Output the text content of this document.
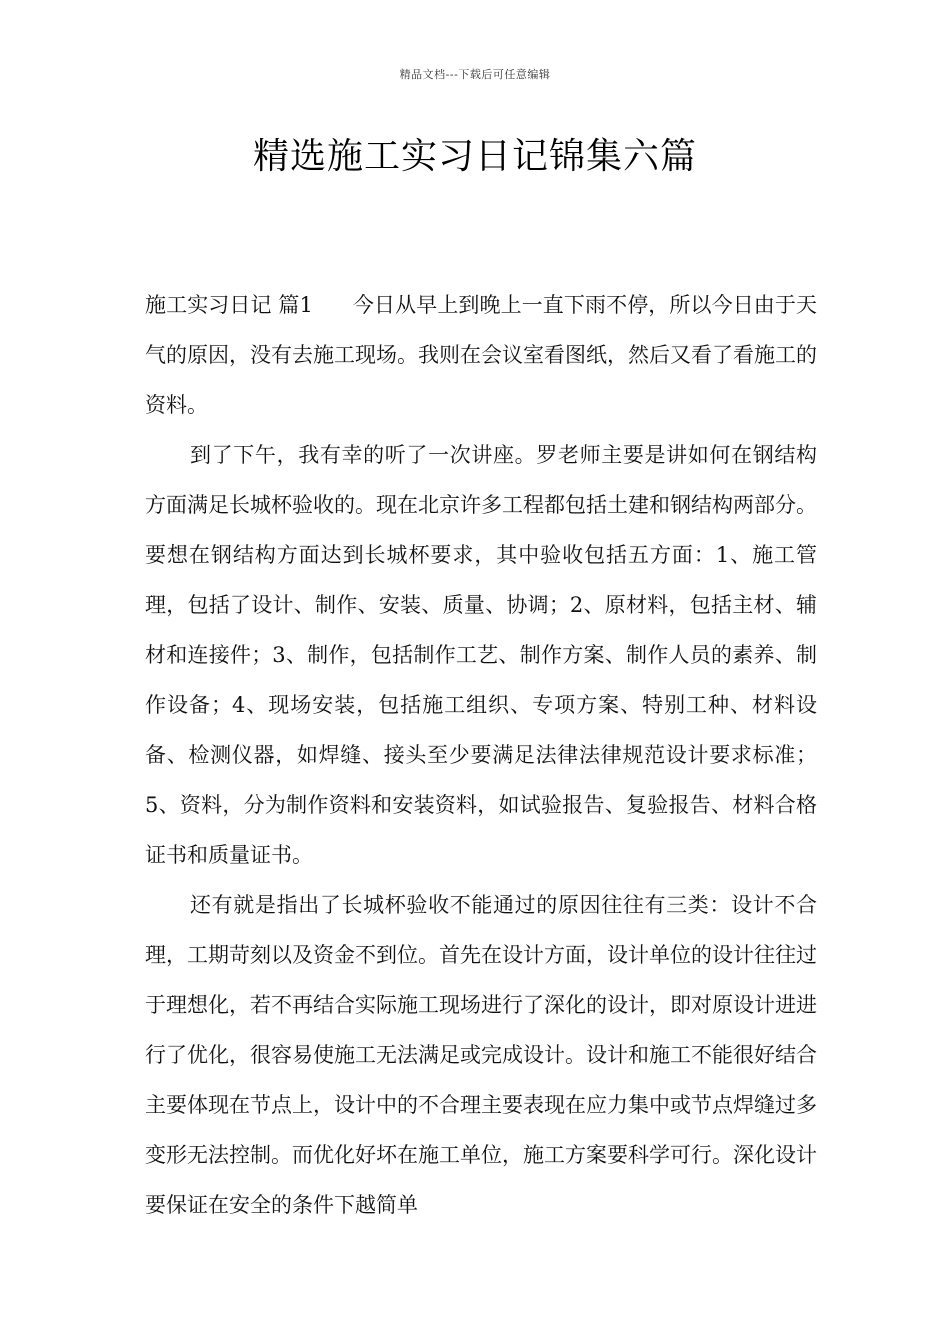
精品文档---下载后可任意编辑
精选施工实习日记锦集六篇

施工实习日记 篇1 今日从早上到晚上一直下雨不停，所以今日由于天气的原因，没有去施工现场。我则在会议室看图纸，然后又看了看施工的资料。

到了下午，我有幸的听了一次讲座。罗老师主要是讲如何在钢结构方面满足长城杯验收的。现在北京许多工程都包括土建和钢结构两部分。要想在钢结构方面达到长城杯要求，其中验收包括五方面：1、施工管理，包括了设计、制作、安装、质量、协调；2、原材料，包括主材、辅材和连接件；3、制作，包括制作工艺、制作方案、制作人员的素养、制作设备；4、现场安装，包括施工组织、专项方案、特别工种、材料设备、检测仪器，如焊缝、接头至少要满足法律法律规范设计要求标准；5、资料，分为制作资料和安装资料，如试验报告、复验报告、材料合格证书和质量证书。

还有就是指出了长城杯验收不能通过的原因往往有三类：设计不合理，工期苛刻以及资金不到位。首先在设计方面，设计单位的设计往往过于理想化，若不再结合实际施工现场进行了深化的设计，即对原设计进进行了优化，很容易使施工无法满足或完成设计。设计和施工不能很好结合主要体现在节点上，设计中的不合理主要表现在应力集中或节点焊缝过多变形无法控制。而优化好坏在施工单位，施工方案要科学可行。深化设计要保证在安全的条件下越简单
